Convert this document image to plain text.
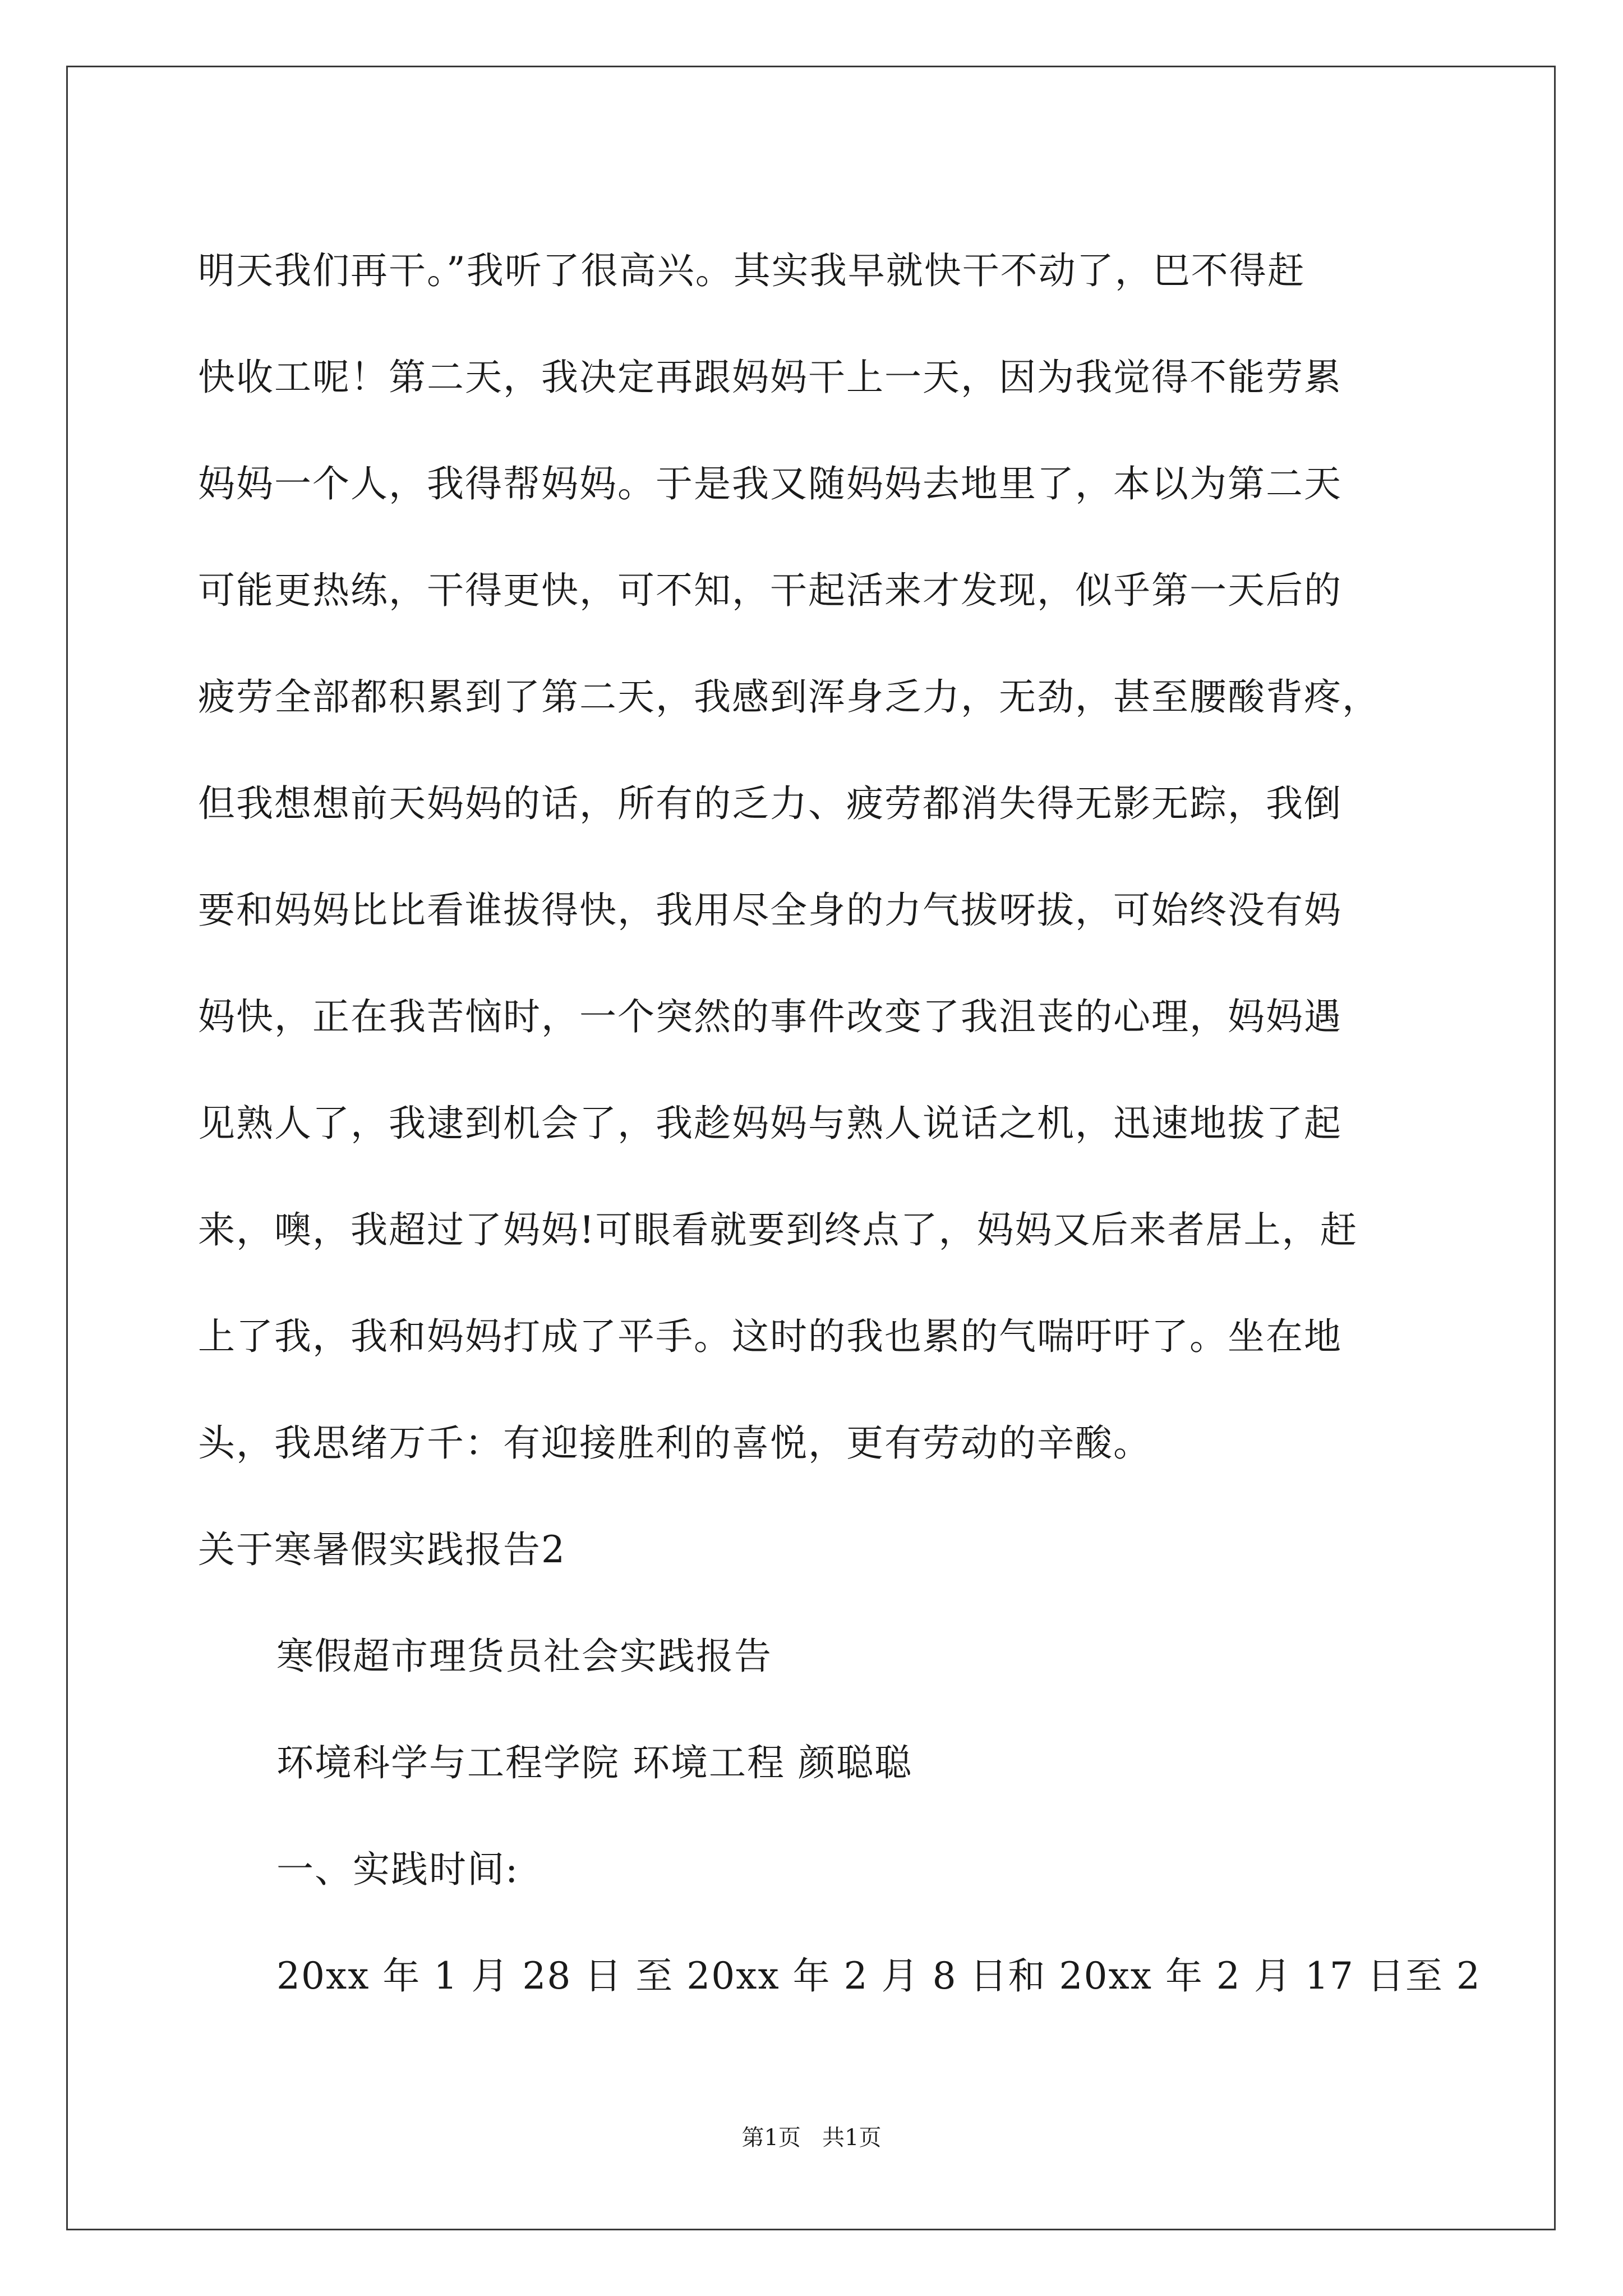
明天我们再干。”我听了很高兴。其实我早就快干不动了，巴不得赶
快收工呢！第二天，我决定再跟妈妈干上一天，因为我觉得不能劳累
妈妈一个人，我得帮妈妈。于是我又随妈妈去地里了，本以为第二天
可能更热练，干得更快，可不知，干起活来才发现，似乎第一天后的
疲劳全部都积累到了第二天，我感到浑身乏力，无劲，甚至腰酸背疼，
但我想想前天妈妈的话，所有的乏力、疲劳都消失得无影无踪，我倒
要和妈妈比比看谁拔得快，我用尽全身的力气拔呀拔，可始终没有妈
妈快，正在我苦恼时，一个突然的事件改变了我沮丧的心理，妈妈遇
见熟人了，我逮到机会了，我趁妈妈与熟人说话之机，迅速地拔了起
来，噢，我超过了妈妈!可眼看就要到终点了，妈妈又后来者居上，赶
上了我，我和妈妈打成了平手。这时的我也累的气喘吁吁了。坐在地
头，我思绪万千：有迎接胜利的喜悦，更有劳动的辛酸。
关于寒暑假实践报告2
寒假超市理货员社会实践报告
环境科学与工程学院 环境工程 颜聪聪
一、实践时间:
20xx 年 1 月 28 日 至 20xx 年 2 月 8 日和 20xx 年 2 月 17 日至 2
第1页   共1页
